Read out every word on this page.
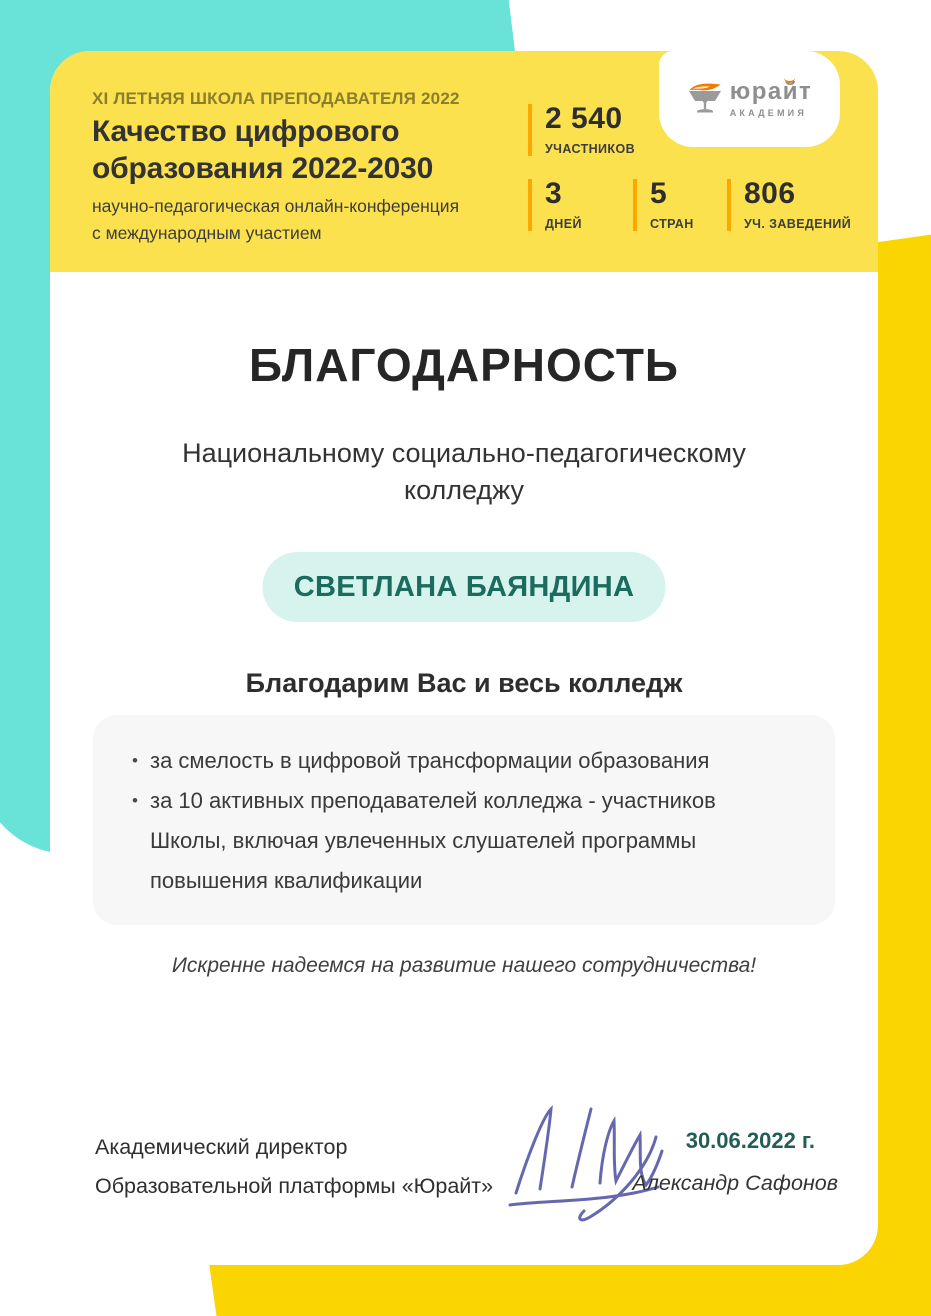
XI ЛЕТНЯЯ ШКОЛА ПРЕПОДАВАТЕЛЯ 2022
Качество цифрового образования 2022-2030
научно-педагогическая онлайн-конференция
с международным участием
2 540
УЧАСТНИКОВ
3
ДНЕЙ
5
СТРАН
806
УЧ. ЗАВЕДЕНИЙ
юрайт
АКАДЕМИЯ
БЛАГОДАРНОСТЬ
Национальному социально-педагогическому колледжу
СВЕТЛАНА БАЯНДИНА
Благодарим Вас и весь колледж
• за смелость в цифровой трансформации образования
• за 10 активных преподавателей колледжа - участников Школы, включая увлеченных слушателей программы повышения квалификации
Искренне надеемся на развитие нашего сотрудничества!
Академический директор
Образовательной платформы «Юрайт»
30.06.2022 г.
Александр Сафонов
